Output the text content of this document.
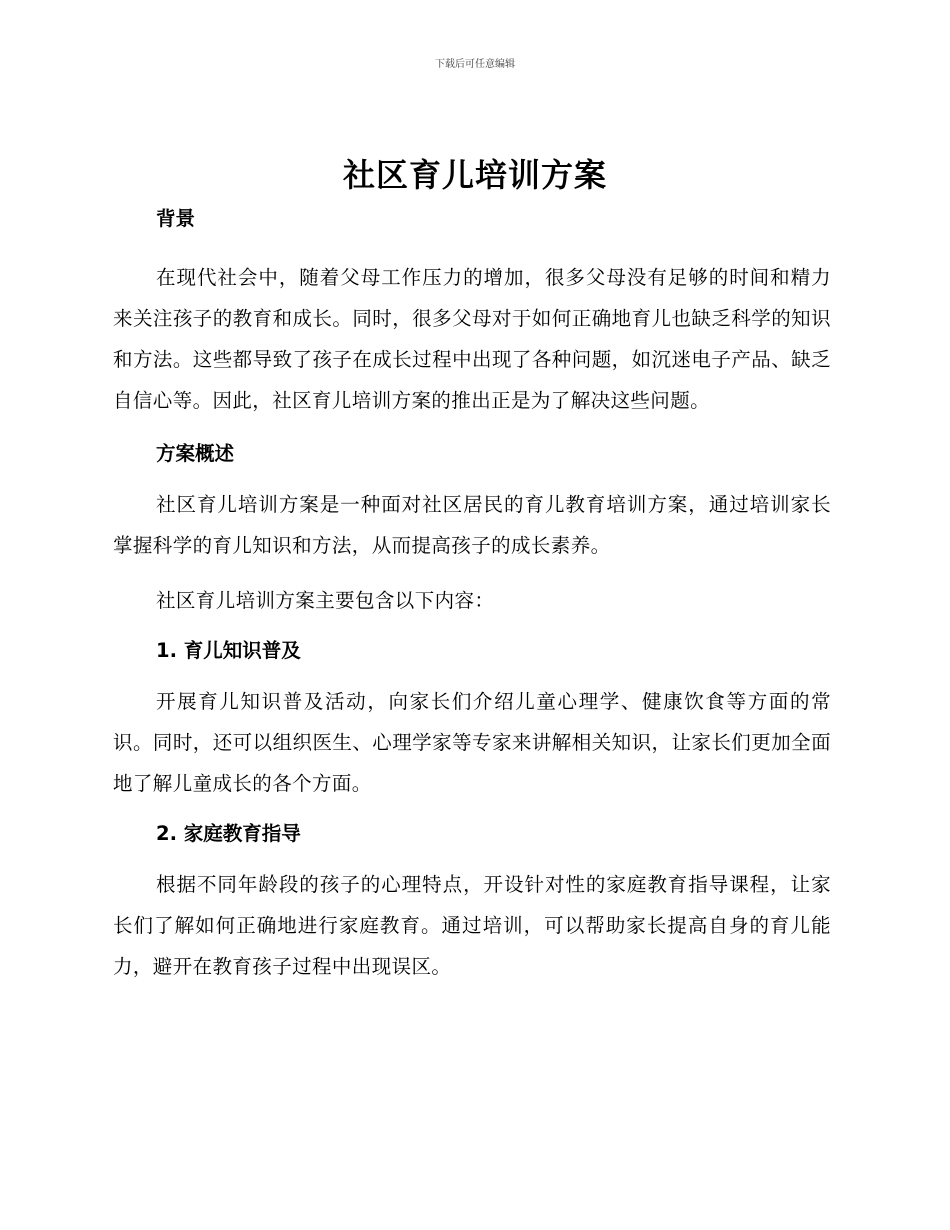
下载后可任意编辑
社区育儿培训方案

背景

在现代社会中，随着父母工作压力的增加，很多父母没有足够的时间和精力来关注孩子的教育和成长。同时，很多父母对于如何正确地育儿也缺乏科学的知识和方法。这些都导致了孩子在成长过程中出现了各种问题，如沉迷电子产品、缺乏自信心等。因此，社区育儿培训方案的推出正是为了解决这些问题。

方案概述

社区育儿培训方案是一种面对社区居民的育儿教育培训方案，通过培训家长掌握科学的育儿知识和方法，从而提高孩子的成长素养。

社区育儿培训方案主要包含以下内容：

1. 育儿知识普及

开展育儿知识普及活动，向家长们介绍儿童心理学、健康饮食等方面的常识。同时，还可以组织医生、心理学家等专家来讲解相关知识，让家长们更加全面地了解儿童成长的各个方面。

2. 家庭教育指导

根据不同年龄段的孩子的心理特点，开设针对性的家庭教育指导课程，让家长们了解如何正确地进行家庭教育。通过培训，可以帮助家长提高自身的育儿能力，避开在教育孩子过程中出现误区。
